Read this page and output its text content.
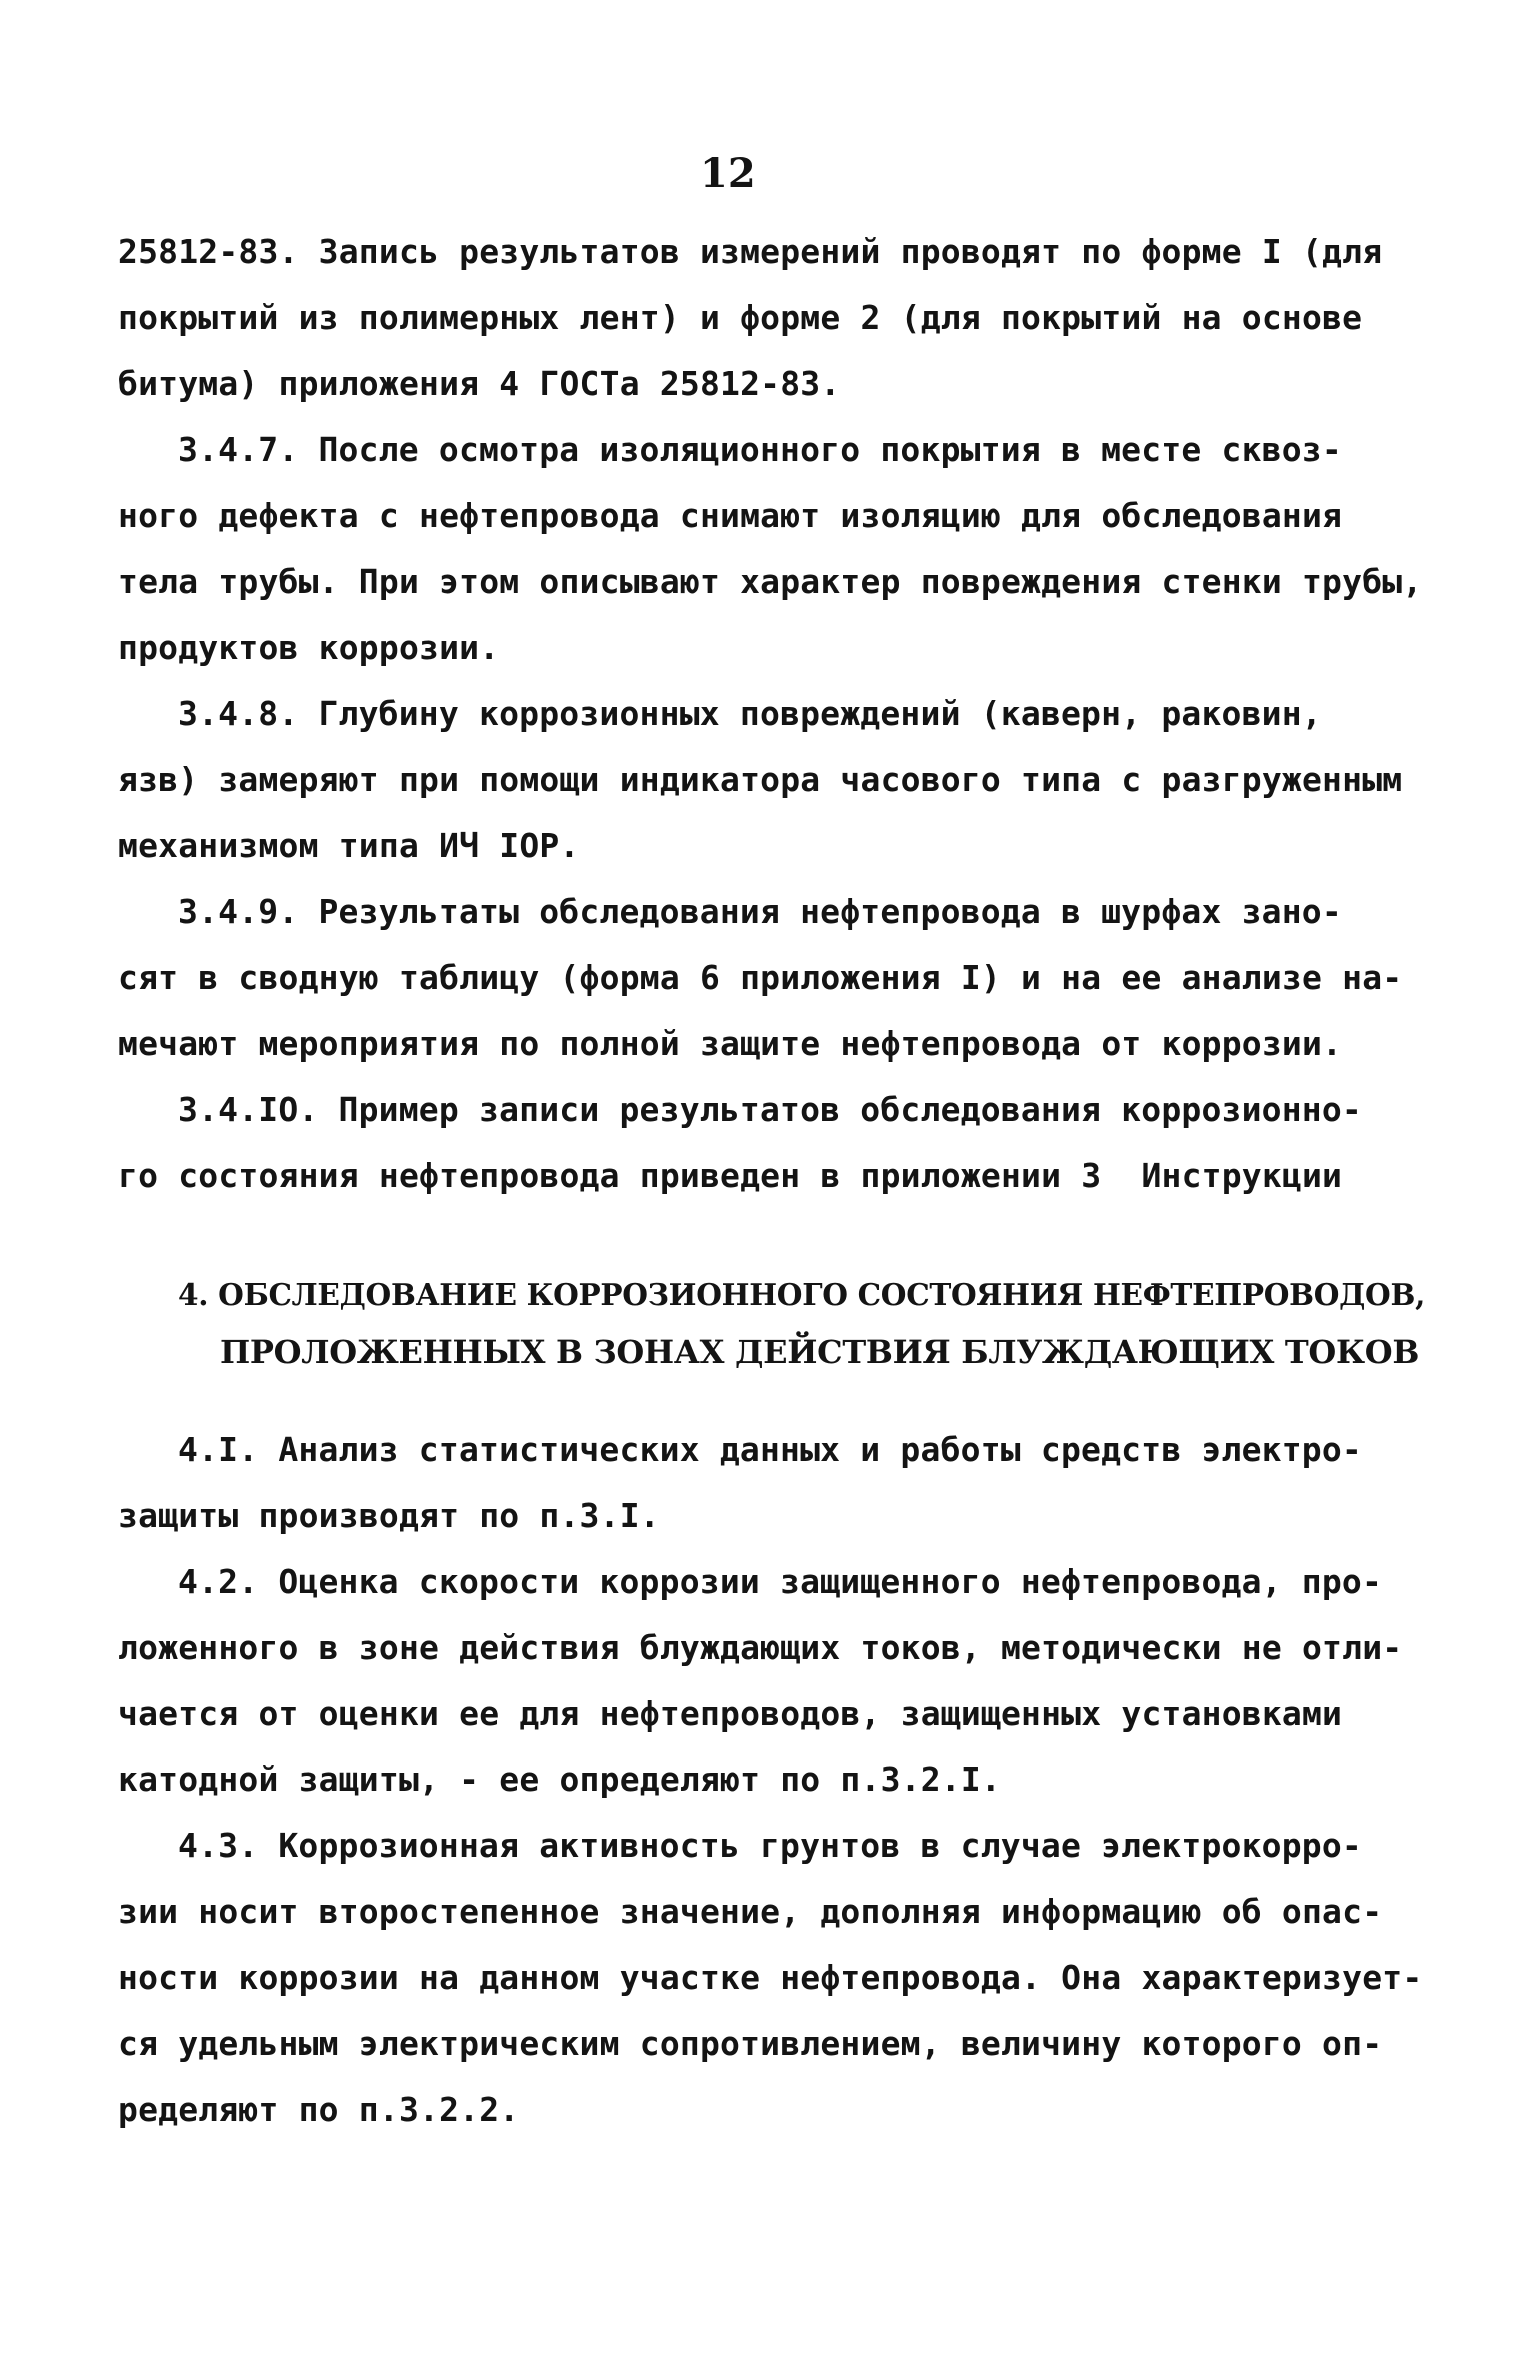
12
25812-83. Запись результатов измерений проводят по форме I (для
покрытий из полимерных лент) и форме 2 (для покрытий на основе
битума) приложения 4 ГОСТа 25812-83.
3.4.7. После осмотра изоляционного покрытия в месте сквоз-
ного дефекта с нефтепровода снимают изоляцию для обследования
тела трубы. При этом описывают характер повреждения стенки трубы,
продуктов коррозии.
3.4.8. Глубину коррозионных повреждений (каверн, раковин,
язв) замеряют при помощи индикатора часового типа с разгруженным
механизмом типа ИЧ IOР.
3.4.9. Результаты обследования нефтепровода в шурфах зано-
сят в сводную таблицу (форма 6 приложения I) и на ее анализе на-
мечают мероприятия по полной защите нефтепровода от коррозии.
3.4.IO. Пример записи результатов обследования коррозионно-
го состояния нефтепровода приведен в приложении 3  Инструкции
4. ОБСЛЕДОВАНИЕ КОРРОЗИОННОГО СОСТОЯНИЯ НЕФТЕПРОВОДОВ,
ПРОЛОЖЕННЫХ В ЗОНАХ ДЕЙСТВИЯ БЛУЖДАЮЩИХ ТОКОВ
4.I. Анализ статистических данных и работы средств электро-
защиты производят по п.3.I.
4.2. Оценка скорости коррозии защищенного нефтепровода, про-
ложенного в зоне действия блуждающих токов, методически не отли-
чается от оценки ее для нефтепроводов, защищенных установками
катодной защиты, - ее определяют по п.3.2.I.
4.3. Коррозионная активность грунтов в случае электрокорро-
зии носит второстепенное значение, дополняя информацию об опас-
ности коррозии на данном участке нефтепровода. Она характеризует-
ся удельным электрическим сопротивлением, величину которого оп-
ределяют по п.3.2.2.
